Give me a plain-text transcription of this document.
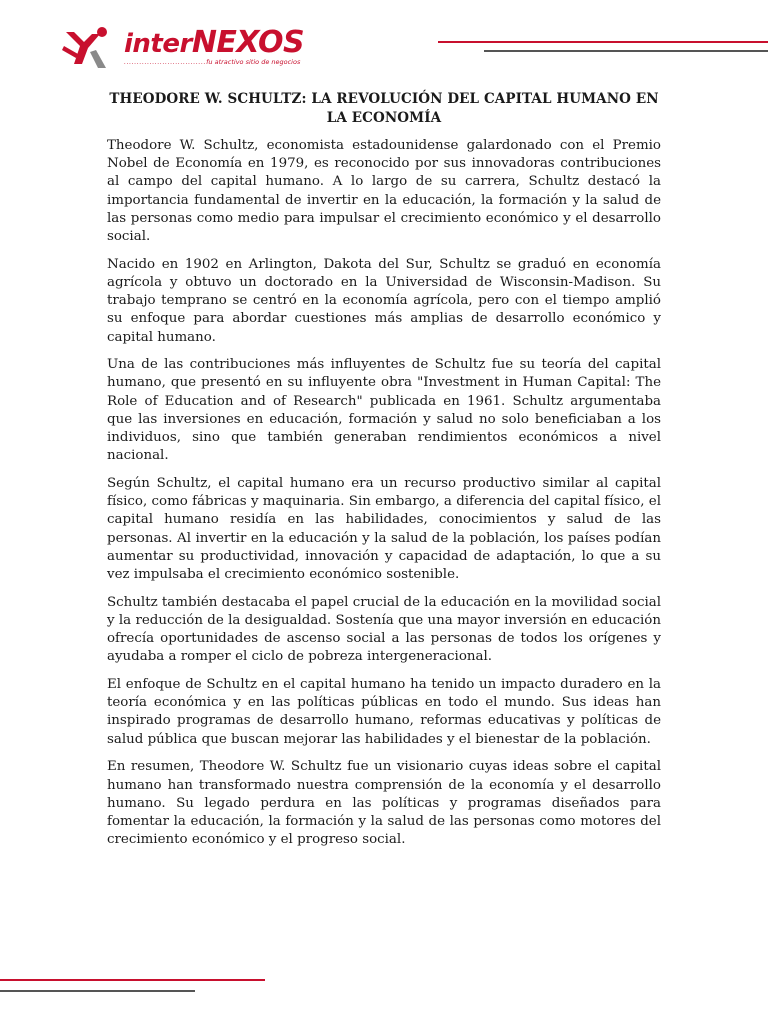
interNEXOS
................................fu atractivo sitio de negocios
THEODORE W. SCHULTZ: LA REVOLUCIÓN DEL CAPITAL HUMANO EN
LA ECONOMÍA

Theodore W. Schultz, economista estadounidense galardonado con el Premio Nobel de Economía en 1979, es reconocido por sus innovadoras contribuciones al campo del capital humano. A lo largo de su carrera, Schultz destacó la importancia fundamental de invertir en la educación, la formación y la salud de las personas como medio para impulsar el crecimiento económico y el desarrollo social.

Nacido en 1902 en Arlington, Dakota del Sur, Schultz se graduó en economía agrícola y obtuvo un doctorado en la Universidad de Wisconsin-Madison. Su trabajo temprano se centró en la economía agrícola, pero con el tiempo amplió su enfoque para abordar cuestiones más amplias de desarrollo económico y capital humano.

Una de las contribuciones más influyentes de Schultz fue su teoría del capital humano, que presentó en su influyente obra "Investment in Human Capital: The Role of Education and of Research" publicada en 1961. Schultz argumentaba que las inversiones en educación, formación y salud no solo beneficiaban a los individuos, sino que también generaban rendimientos económicos a nivel nacional.

Según Schultz, el capital humano era un recurso productivo similar al capital físico, como fábricas y maquinaria. Sin embargo, a diferencia del capital físico, el capital humano residía en las habilidades, conocimientos y salud de las personas. Al invertir en la educación y la salud de la población, los países podían aumentar su productividad, innovación y capacidad de adaptación, lo que a su vez impulsaba el crecimiento económico sostenible.

Schultz también destacaba el papel crucial de la educación en la movilidad social y la reducción de la desigualdad. Sostenía que una mayor inversión en educación ofrecía oportunidades de ascenso social a las personas de todos los orígenes y ayudaba a romper el ciclo de pobreza intergeneracional.

El enfoque de Schultz en el capital humano ha tenido un impacto duradero en la teoría económica y en las políticas públicas en todo el mundo. Sus ideas han inspirado programas de desarrollo humano, reformas educativas y políticas de salud pública que buscan mejorar las habilidades y el bienestar de la población.

En resumen, Theodore W. Schultz fue un visionario cuyas ideas sobre el capital humano han transformado nuestra comprensión de la economía y el desarrollo humano. Su legado perdura en las políticas y programas diseñados para fomentar la educación, la formación y la salud de las personas como motores del crecimiento económico y el progreso social.
